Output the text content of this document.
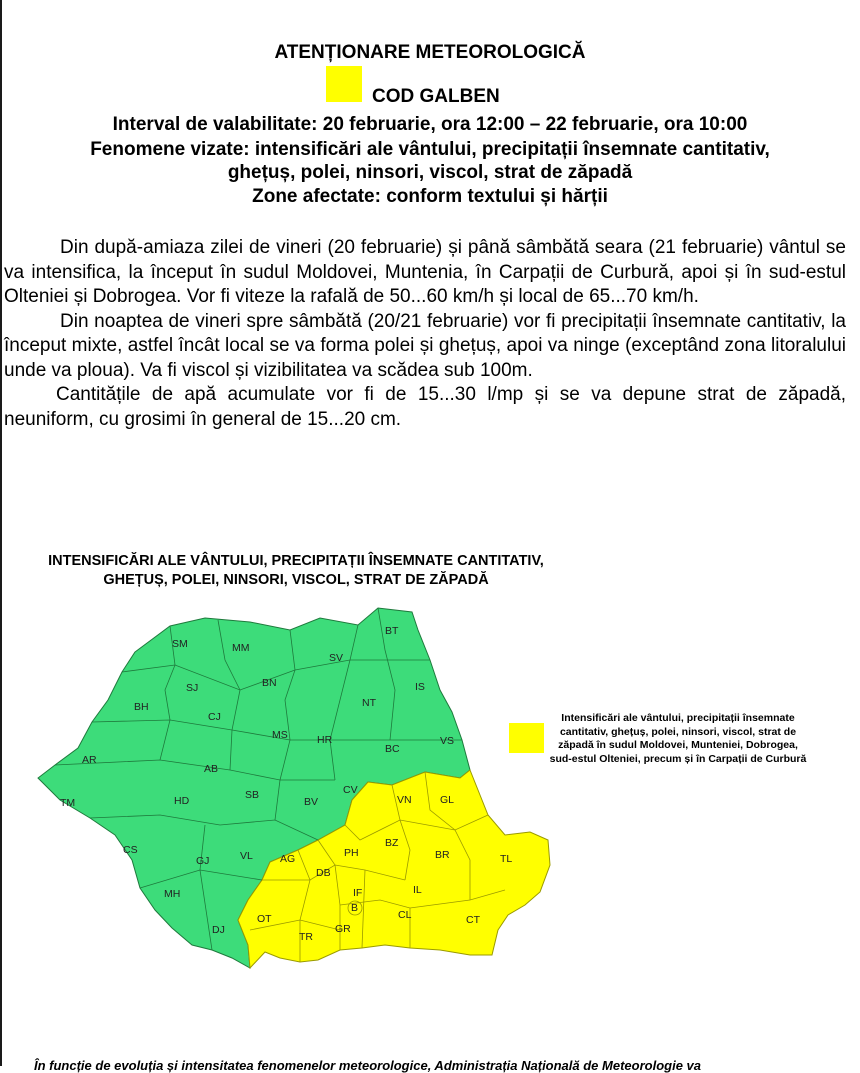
ATENȚIONARE METEOROLOGICĂ
COD GALBEN
Interval de valabilitate: 20 februarie, ora 12:00 – 22 februarie, ora 10:00
Fenomene vizate: intensificări ale vântului, precipitații însemnate cantitativ,
ghețuș, polei, ninsori, viscol, strat de zăpadă
Zone afectate: conform textului și hărții

Din după-amiaza zilei de vineri (20 februarie) și până sâmbătă seara (21 februarie) vântul se va intensifica, la început în sudul Moldovei, Munteniа, în Carpații de Curbură, apoi și în sud-estul Olteniei și Dobrogea. Vor fi viteze la rafală de 50...60 km/h și local de 65...70 km/h.

Din noaptea de vineri spre sâmbătă (20/21 februarie) vor fi precipitații însemnate cantitativ, la început mixte, astfel încât local se va forma polei și ghețuș, apoi va ninge (exceptând zona litoralului unde va ploua). Va fi viscol și vizibilitatea va scădea sub 100m.

Cantitățile de apă acumulate vor fi de 15...30 l/mp și se va depune strat de zăpadă, neuniform, cu grosimi în general de 15...20 cm.

INTENSIFICĂRI ALE VÂNTULUI, PRECIPITAȚII ÎNSEMNATE CANTITATIV, GHEȚUȘ, POLEI, NINSORI, VISCOL, STRAT DE ZĂPADĂ
SM	MM
BT
SV
SJ	BN	IS
BH
CJ
NT
MS	HR
BC
VS
AR
AB
TM	HD	SB
BV
CS
GJ	VL
MH
DJ
CV
VN	GL
BZ
AG	PH	BR	TL
DB
IF	IL
B
OT
GR
CL	CT
TR
Intensificări ale vântului, precipitații însemnate cantitativ, ghețuș, polei, ninsori, viscol, strat de zăpadă în sudul Moldovei, Munteniei, Dobrogea, sud-estul Olteniei, precum și în Carpații de Curbură
În funcție de evoluția și intensitatea fenomenelor meteorologice, Administrația Națională de Meteorologie va
